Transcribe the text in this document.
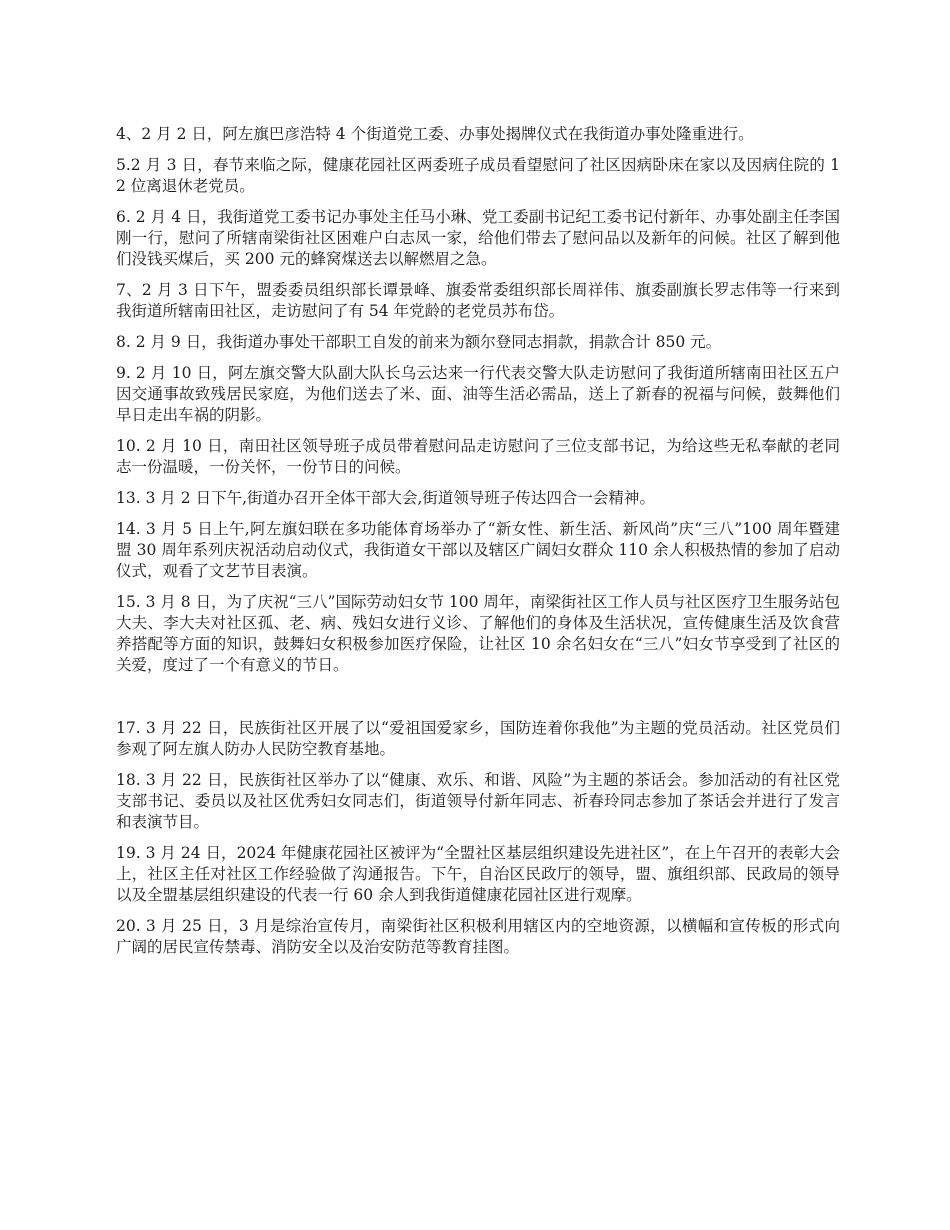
4、2 月 2 日，阿左旗巴彦浩特 4 个街道党工委、办事处揭牌仪式在我街道办事处隆重进行。

5.2 月 3 日，春节来临之际，健康花园社区两委班子成员看望慰问了社区因病卧床在家以及因病住院的 12 位离退休老党员。

6. 2 月 4 日，我街道党工委书记办事处主任马小琳、党工委副书记纪工委书记付新年、办事处副主任李国刚一行，慰问了所辖南梁街社区困难户白志凤一家，给他们带去了慰问品以及新年的问候。社区了解到他们没钱买煤后，买 200 元的蜂窝煤送去以解燃眉之急。

7、2 月 3 日下午，盟委委员组织部长谭景峰、旗委常委组织部长周祥伟、旗委副旗长罗志伟等一行来到我街道所辖南田社区，走访慰问了有 54 年党龄的老党员苏布岱。

8. 2 月 9 日，我街道办事处干部职工自发的前来为额尔登同志捐款，捐款合计 850 元。

9. 2 月 10 日，阿左旗交警大队副大队长乌云达来一行代表交警大队走访慰问了我街道所辖南田社区五户因交通事故致残居民家庭，为他们送去了米、面、油等生活必需品，送上了新春的祝福与问候，鼓舞他们早日走出车祸的阴影。

10. 2 月 10 日，南田社区领导班子成员带着慰问品走访慰问了三位支部书记，为给这些无私奉献的老同志一份温暖，一份关怀，一份节日的问候。

13. 3 月 2 日下午,街道办召开全体干部大会,街道领导班子传达四合一会精神。

14. 3 月 5 日上午,阿左旗妇联在多功能体育场举办了“新女性、新生活、新风尚”庆“三八”100 周年暨建盟 30 周年系列庆祝活动启动仪式，我街道女干部以及辖区广阔妇女群众 110 余人积极热情的参加了启动仪式，观看了文艺节目表演。

15. 3 月 8 日，为了庆祝“三八”国际劳动妇女节 100 周年，南梁街社区工作人员与社区医疗卫生服务站包大夫、李大夫对社区孤、老、病、残妇女进行义诊、了解他们的身体及生活状况，宣传健康生活及饮食营养搭配等方面的知识，鼓舞妇女积极参加医疗保险，让社区 10 余名妇女在“三八”妇女节享受到了社区的关爱，度过了一个有意义的节日。

17. 3 月 22 日，民族街社区开展了以“爱祖国爱家乡，国防连着你我他”为主题的党员活动。社区党员们参观了阿左旗人防办人民防空教育基地。

18. 3 月 22 日，民族街社区举办了以“健康、欢乐、和谐、风险”为主题的茶话会。参加活动的有社区党支部书记、委员以及社区优秀妇女同志们，街道领导付新年同志、祈春玲同志参加了茶话会并进行了发言和表演节目。

19. 3 月 24 日，2024 年健康花园社区被评为“全盟社区基层组织建设先进社区”，在上午召开的表彰大会上，社区主任对社区工作经验做了沟通报告。下午，自治区民政厅的领导，盟、旗组织部、民政局的领导以及全盟基层组织建设的代表一行 60 余人到我街道健康花园社区进行观摩。

20. 3 月 25 日，3 月是综治宣传月，南梁街社区积极利用辖区内的空地资源，以横幅和宣传板的形式向广阔的居民宣传禁毒、消防安全以及治安防范等教育挂图。
